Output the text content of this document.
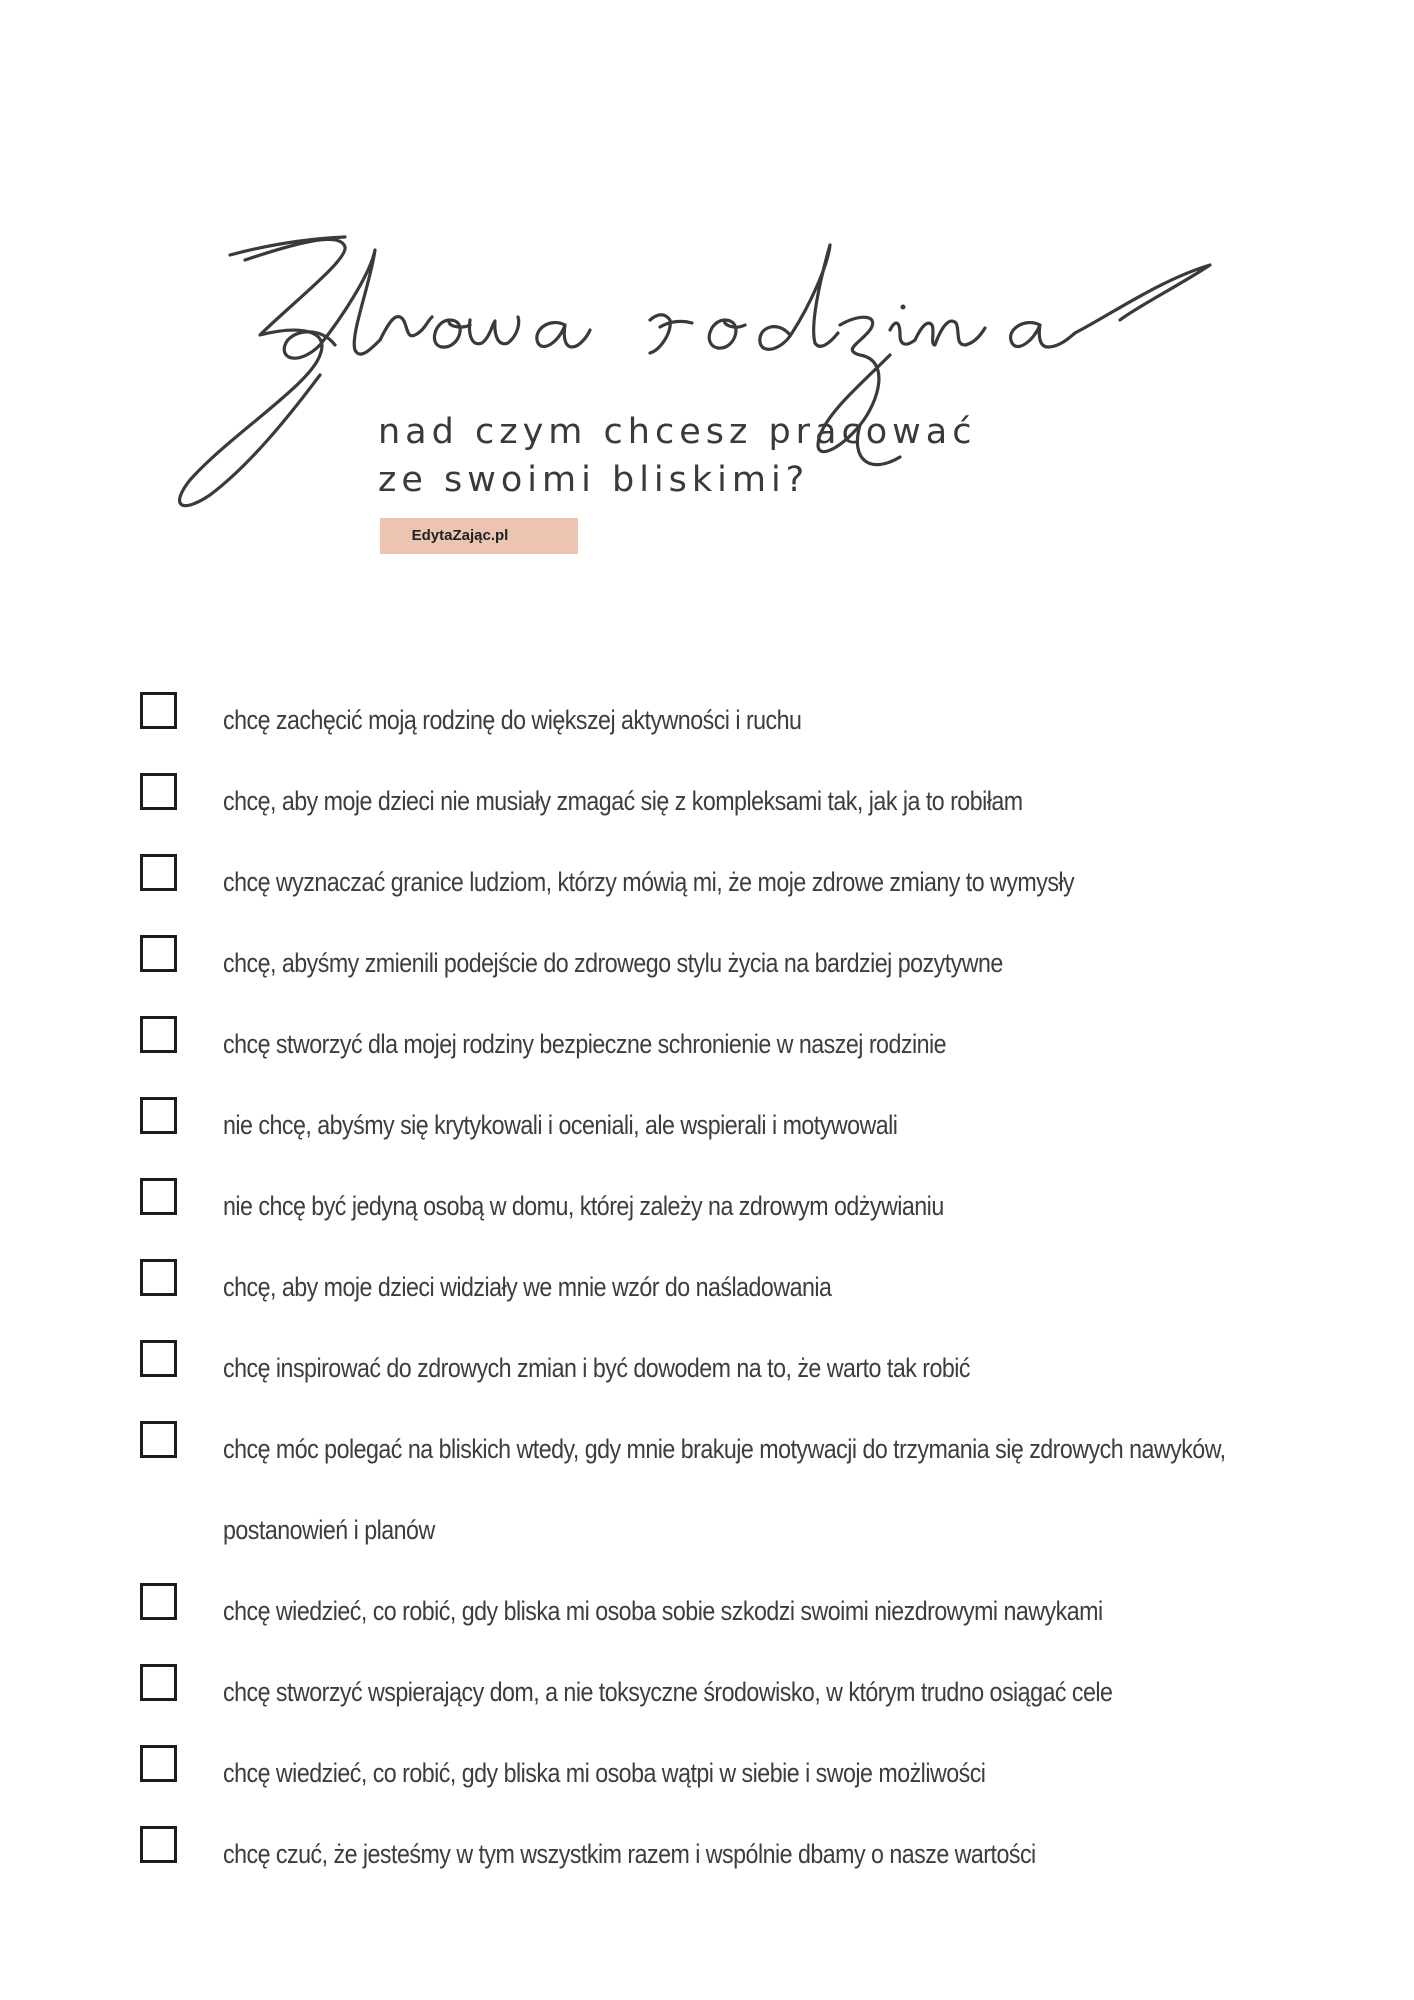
nad czym chcesz pracować
ze swoimi bliskimi?
EdytaZając.pl
chcę zachęcić moją rodzinę do większej aktywności i ruchu
chcę, aby moje dzieci nie musiały zmagać się z kompleksami tak, jak ja to robiłam
chcę wyznaczać granice ludziom, którzy mówią mi, że moje zdrowe zmiany to wymysły
chcę, abyśmy zmienili podejście do zdrowego stylu życia na bardziej pozytywne
chcę stworzyć dla mojej rodziny bezpieczne schronienie w naszej rodzinie
nie chcę, abyśmy się krytykowali i oceniali, ale wspierali i motywowali
nie chcę być jedyną osobą w domu, której zależy na zdrowym odżywianiu
chcę, aby moje dzieci widziały we mnie wzór do naśladowania
chcę inspirować do zdrowych zmian i być dowodem na to, że warto tak robić
chcę móc polegać na bliskich wtedy, gdy mnie brakuje motywacji do trzymania się zdrowych nawyków, postanowień i planów
chcę wiedzieć, co robić, gdy bliska mi osoba sobie szkodzi swoimi niezdrowymi nawykami
chcę stworzyć wspierający dom, a nie toksyczne środowisko, w którym trudno osiągać cele
chcę wiedzieć, co robić, gdy bliska mi osoba wątpi w siebie i swoje możliwości
chcę czuć, że jesteśmy w tym wszystkim razem i wspólnie dbamy o nasze wartości
